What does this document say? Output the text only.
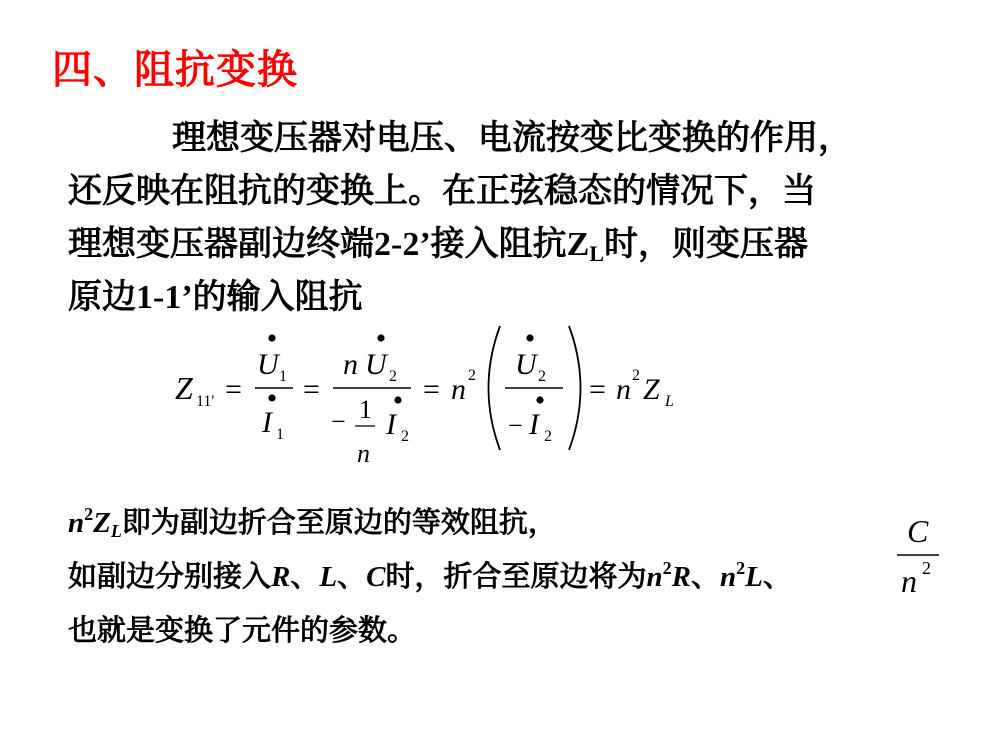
四、阻抗变换
理想变压器对电压、电流按变比变换的作用，
还反映在阻抗的变换上。在正弦稳态的情况下，当
理想变压器副边终端2-2’接入阻抗$Z_L$时，则变压器
原边1-1’的输入阻抗
Z 11' =
U 1
I 1
=
n U 2
− 1
n
I 2
= n 2 U 2
− I 2
= n 2 Z L
$n^2Z_L$即为副边折合至原边的等效阻抗，
如副边分别接入R、L、C时，折合至原边将为$n^2R$、$n^2L$、
C
n 2
也就是变换了元件的参数。
